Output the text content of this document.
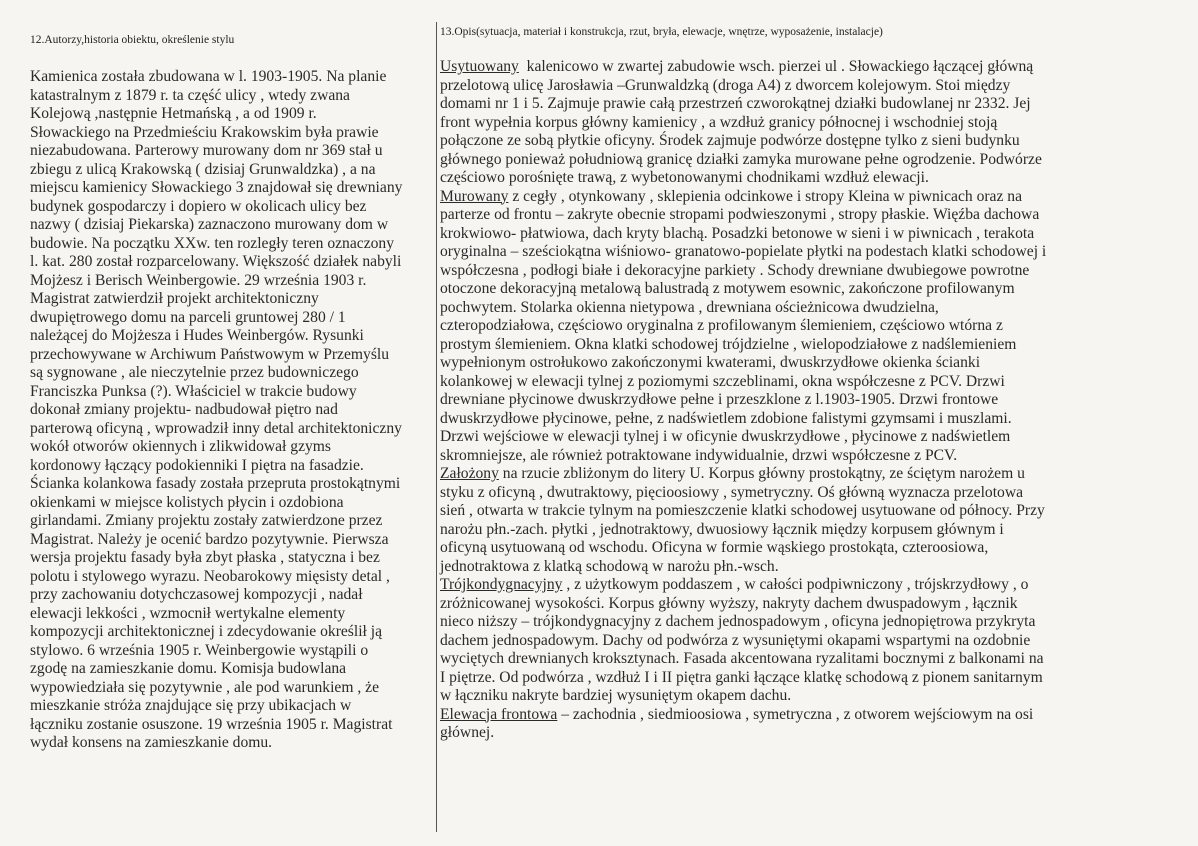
12.Autorzy,historia obiektu, określenie stylu
13.Opis(sytuacja, materiał i konstrukcja, rzut, bryła, elewacje, wnętrze, wyposażenie, instalacje)
Kamienica została zbudowana w l. 1903-1905. Na planie
katastralnym z 1879 r. ta część ulicy , wtedy zwana
Kolejową ,następnie Hetmańską , a od 1909 r.
Słowackiego na Przedmieściu Krakowskim była prawie
niezabudowana. Parterowy murowany dom nr 369 stał u
zbiegu z ulicą Krakowską ( dzisiaj Grunwaldzka) , a na
miejscu kamienicy Słowackiego 3 znajdował się drewniany
budynek gospodarczy i dopiero w okolicach ulicy bez
nazwy ( dzisiaj Piekarska) zaznaczono murowany dom w
budowie. Na początku XXw. ten rozległy teren oznaczony
l. kat. 280 został rozparcelowany. Większość działek nabyli
Mojżesz i Berisch Weinbergowie. 29 września 1903 r.
Magistrat zatwierdził projekt architektoniczny
dwupiętrowego domu na parceli gruntowej 280 / 1
należącej do Mojżesza i Hudes Weinbergów. Rysunki
przechowywane w Archiwum Państwowym w Przemyślu
są sygnowane , ale nieczytelnie przez budowniczego
Franciszka Punksa (?). Właściciel w trakcie budowy
dokonał zmiany projektu- nadbudował piętro nad
parterową oficyną , wprowadził inny detal architektoniczny
wokół otworów okiennych i zlikwidował gzyms
kordonowy łączący podokienniki I piętra na fasadzie.
Ścianka kolankowa fasady została przepruta prostokątnymi
okienkami w miejsce kolistych płycin i ozdobiona
girlandami. Zmiany projektu zostały zatwierdzone przez
Magistrat. Należy je ocenić bardzo pozytywnie. Pierwsza
wersja projektu fasady była zbyt płaska , statyczna i bez
polotu i stylowego wyrazu. Neobarokowy mięsisty detal ,
przy zachowaniu dotychczasowej kompozycji , nadał
elewacji lekkości , wzmocnił wertykalne elementy
kompozycji architektonicznej i zdecydowanie określił ją
stylowo. 6 września 1905 r. Weinbergowie wystąpili o
zgodę na zamieszkanie domu. Komisja budowlana
wypowiedziała się pozytywnie , ale pod warunkiem , że
mieszkanie stróża znajdujące się przy ubikacjach w
łączniku zostanie osuszone. 19 września 1905 r. Magistrat
wydał konsens na zamieszkanie domu.
Usytuowany kalenicowo w zwartej zabudowie wsch. pierzei ul . Słowackiego łączącej główną
przelotową ulicę Jarosławia –Grunwaldzką (droga A4) z dworcem kolejowym. Stoi między
domami nr 1 i 5. Zajmuje prawie całą przestrzeń czworokątnej działki budowlanej nr 2332. Jej
front wypełnia korpus główny kamienicy , a wzdłuż granicy północnej i wschodniej stoją
połączone ze sobą płytkie oficyny. Środek zajmuje podwórze dostępne tylko z sieni budynku
głównego ponieważ południową granicę działki zamyka murowane pełne ogrodzenie. Podwórze
częściowo porośnięte trawą, z wybetonowanymi chodnikami wzdłuż elewacji.
Murowany z cegły , otynkowany , sklepienia odcinkowe i stropy Kleina w piwnicach oraz na
parterze od frontu – zakryte obecnie stropami podwieszonymi , stropy płaskie. Więźba dachowa
krokwiowo- płatwiowa, dach kryty blachą. Posadzki betonowe w sieni i w piwnicach , terakota
oryginalna – sześciokątna wiśniowo- granatowo-popielate płytki na podestach klatki schodowej i
współczesna , podłogi białe i dekoracyjne parkiety . Schody drewniane dwubiegowe powrotne
otoczone dekoracyjną metalową balustradą z motywem esownic, zakończone profilowanym
pochwytem. Stolarka okienna nietypowa , drewniana ościeżnicowa dwudzielna,
czteropodziałowa, częściowo oryginalna z profilowanym ślemieniem, częściowo wtórna z
prostym ślemieniem. Okna klatki schodowej trójdzielne , wielopodziałowe z nadślemieniem
wypełnionym ostrołukowo zakończonymi kwaterami, dwuskrzydłowe okienka ścianki
kolankowej w elewacji tylnej z poziomymi szczeblinami, okna współczesne z PCV. Drzwi
drewniane płycinowe dwuskrzydłowe pełne i przeszklone z l.1903-1905. Drzwi frontowe
dwuskrzydłowe płycinowe, pełne, z nadświetlem zdobione falistymi gzymsami i muszlami.
Drzwi wejściowe w elewacji tylnej i w oficynie dwuskrzydłowe , płycinowe z nadświetlem
skromniejsze, ale również potraktowane indywidualnie, drzwi współczesne z PCV.
Założony na rzucie zbliżonym do litery U. Korpus główny prostokątny, ze ściętym narożem u
styku z oficyną , dwutraktowy, pięcioosiowy , symetryczny. Oś główną wyznacza przelotowa
sień , otwarta w trakcie tylnym na pomieszczenie klatki schodowej usytuowane od północy. Przy
narożu płn.-zach. płytki , jednotraktowy, dwuosiowy łącznik między korpusem głównym i
oficyną usytuowaną od wschodu. Oficyna w formie wąskiego prostokąta, czteroosiowa,
jednotraktowa z klatką schodową w narożu płn.-wsch.
Trójkondygnacyjny , z użytkowym poddaszem , w całości podpiwniczony , trójskrzydłowy , o
zróżnicowanej wysokości. Korpus główny wyższy, nakryty dachem dwuspadowym , łącznik
nieco niższy – trójkondygnacyjny z dachem jednospadowym , oficyna jednopiętrowa przykryta
dachem jednospadowym. Dachy od podwórza z wysuniętymi okapami wspartymi na ozdobnie
wyciętych drewnianych kroksztynach. Fasada akcentowana ryzalitami bocznymi z balkonami na
I piętrze. Od podwórza , wzdłuż I i II piętra ganki łączące klatkę schodową z pionem sanitarnym
w łączniku nakryte bardziej wysuniętym okapem dachu.
Elewacja frontowa – zachodnia , siedmioosiowa , symetryczna , z otworem wejściowym na osi
głównej.
